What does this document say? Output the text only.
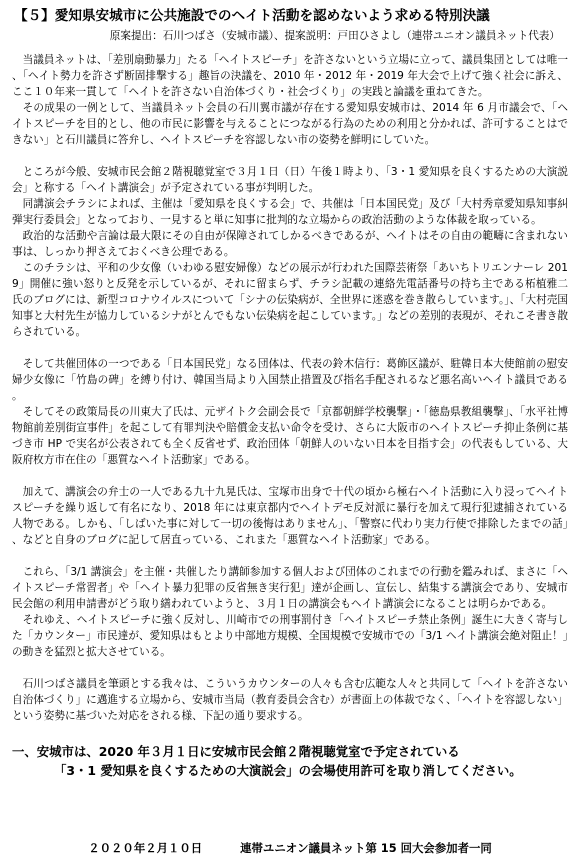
【５】愛知県安城市に公共施設でのヘイト活動を認めないよう求める特別決議
原案提出：石川つばさ（安城市議）、提案説明：戸田ひさよし（連帯ユニオン議員ネット代表）

当議員ネットは、「差別扇動暴力」たる「ヘイトスピーチ」を許さないという立場に立って、議員集団としては唯一、「ヘイト勢力を許さず断固排撃する」趣旨の決議を、2010 年・2012 年・2019 年大会で上げて強く社会に訴え、ここ１０年来一貫して「ヘイトを許さない自治体づくり・社会づくり」の実践と論議を重ねてきた。

その成果の一例として、当議員ネット会員の石川翼市議が存在する愛知県安城市は、2014 年 6 月市議会で、「ヘイトスピーチを目的とし、他の市民に影響を与えることにつながる行為のための利用と分かれば、許可することはできない」と石川議員に答弁し、ヘイトスピーチを容認しない市の姿勢を鮮明にしていた。

ところが今般、安城市民会館２階視聴覚室で３月１日（日）午後１時より、「3・1 愛知県を良くするための大演説会」と称する「ヘイト講演会」が予定されている事が判明した。

同講演会チラシによれば、主催は「愛知県を良くする会」で、共催は「日本国民党」及び「大村秀章愛知県知事糾弾実行委員会」となっており、一見すると単に知事に批判的な立場からの政治活動のような体裁を取っている。

政治的な活動や言論は最大限にその自由が保障されてしかるべきであるが、ヘイトはその自由の範疇に含まれない事は、しっかり押さえておくべき公理である。

このチラシは、平和の少女像（いわゆる慰安婦像）などの展示が行われた国際芸術祭「あいちトリエンナーレ 2019」開催に強い怒りと反発を示しているが、それに留まらず、チラシ記載の連絡先電話番号の持ち主である柘植雅二氏のブログには、新型コロナウイルスについて「シナの伝染病が、全世界に迷惑を巻き散らしています。」、「大村売国知事と大村先生が協力しているシナがとんでもない伝染病を起こしています。」などの差別的表現が、それこそ書き散らされている。

そして共催団体の一つである「日本国民党」なる団体は、代表の鈴木信行：葛飾区議が、駐韓日本大使館前の慰安婦少女像に「竹島の碑」を縛り付け、韓国当局より入国禁止措置及び指名手配されるなど悪名高いヘイト議員である。

そしてその政策局長の川東大了氏は、元ザイトク会副会長で「京都朝鮮学校襲撃」・「徳島県教組襲撃」、「水平社博物館前差別街宣事件」を起こして有罪判決や賠償金支払い命令を受け、さらに大阪市のヘイトスピーチ抑止条例に基づき市 HP で実名が公表されても全く反省せず、政治団体「朝鮮人のいない日本を目指す会」の代表もしている、大阪府枚方市在住の「悪質なヘイト活動家」である。

加えて、講演会の弁士の一人である九十九晃氏は、宝塚市出身で十代の頃から極右ヘイト活動に入り浸ってヘイトスピーチを繰り返して有名になり、2018 年には東京都内でヘイトデモ反対派に暴行を加えて現行犯逮捕されている人物である。しかも、「しばいた事に対して一切の後悔はありません」、「警察に代わり実力行使で排除したまでの話」、などと自身のブログに記して居直っている、これまた「悪質なヘイト活動家」である。

これら、「3/1 講演会」を主催・共催したり講師参加する個人および団体のこれまでの行動を鑑みれば、まさに「ヘイトスピーチ常習者」や「ヘイト暴力犯罪の反省無き実行犯」達が企画し、宣伝し、結集する講演会であり、安城市民会館の利用申請書がどう取り繕われていようと、３月１日の講演会もヘイト講演会になることは明らかである。

それゆえ、ヘイトスピーチに強く反対し、川崎市での刑事罰付き「ヘイトスピーチ禁止条例」誕生に大きく寄与した「カウンター」市民達が、愛知県はもとより中部地方規模、全国規模で安城市での「3/1 ヘイト講演会絶対阻止！」の動きを猛烈と拡大させている。

石川つばさ議員を筆頭とする我々は、こういうカウンターの人々も含む広範な人々と共同して「ヘイトを許さない自治体づくり」に邁進する立場から、安城市当局（教育委員会含む）が書面上の体裁でなく、「ヘイトを容認しない」という姿勢に基づいた対応をされる様、下記の通り要求する。

一、安城市は、2020 年３月１日に安城市民会館２階視聴覚室で予定されている
「3・1 愛知県を良くするための大演説会」の会場使用許可を取り消してください。
２０２０年２月１０日	連帯ユニオン議員ネット第 15 回大会参加者一同
